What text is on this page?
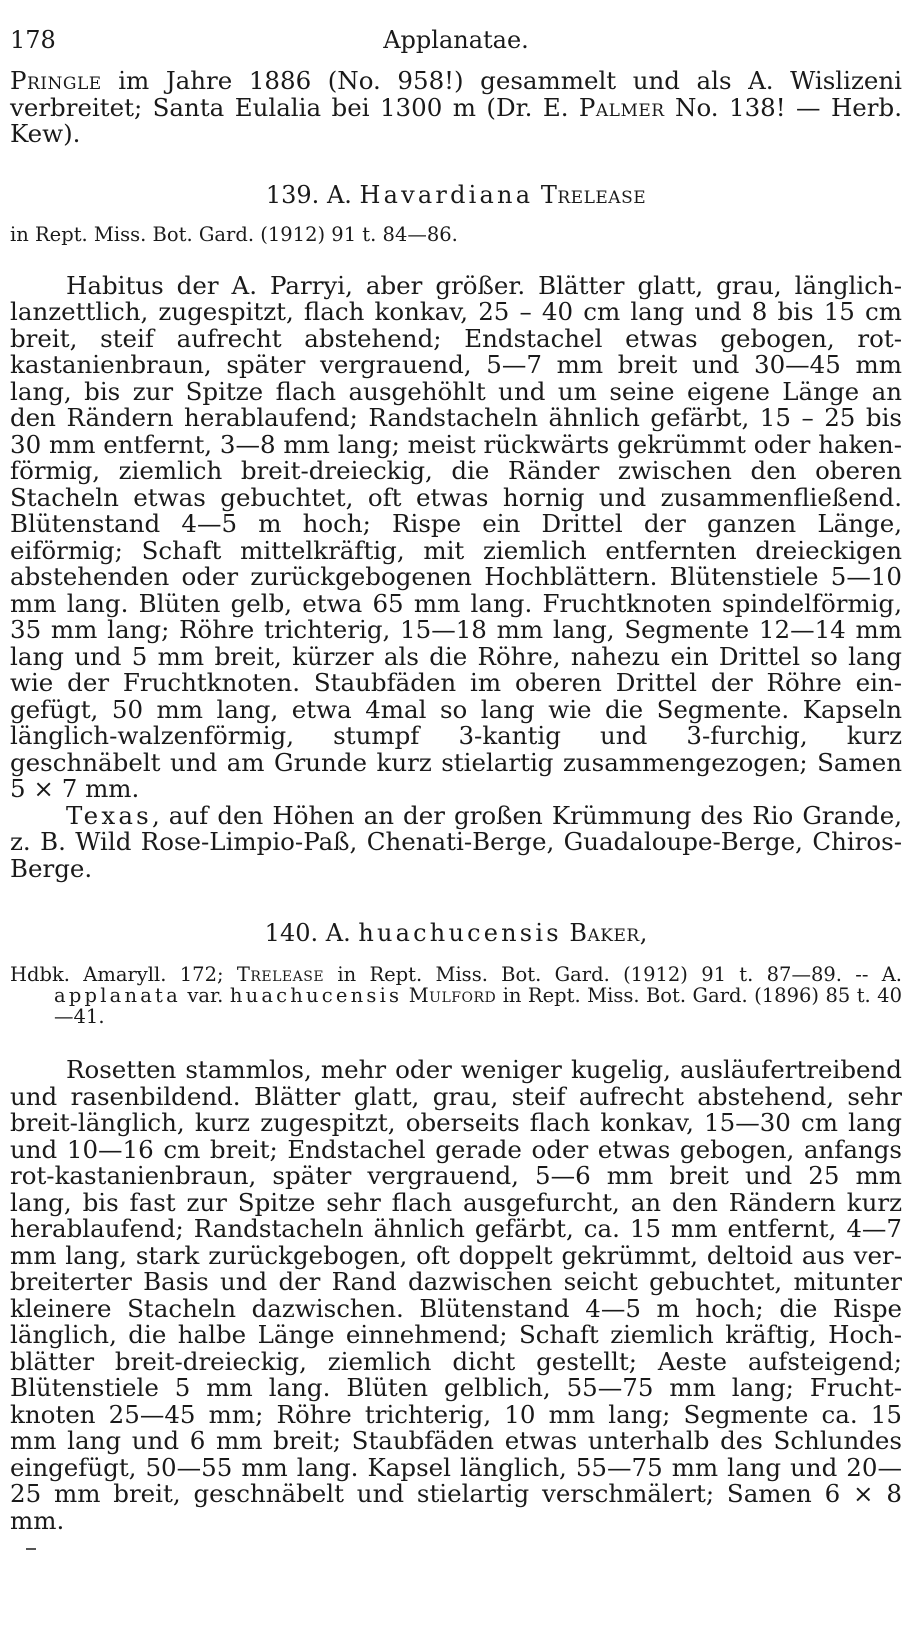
178	Applanatae.

Pringle im Jahre 1886 (No. 958!) gesammelt und als A. Wislizeni verbreitet; Santa Eulalia bei 1300 m (Dr. E. Palmer No. 138! — Herb. Kew).

139. A. Havardiana Trelease

in Rept. Miss. Bot. Gard. (1912) 91 t. 84—86.

Habitus der A. Parryi, aber größer. Blätter glatt, grau, länglich-lanzettlich, zugespitzt, flach konkav, 25 – 40 cm lang und 8 bis 15 cm breit, steif aufrecht abstehend; Endstachel etwas gebogen, rotkastanienbraun, später vergrauend, 5—7 mm breit und 30—45 mm lang, bis zur Spitze flach ausgehöhlt und um seine eigene Länge an den Rändern herablaufend; Randstacheln ähnlich gefärbt, 15 – 25 bis 30 mm entfernt, 3—8 mm lang; meist rückwärts gekrümmt oder hakenförmig, ziemlich breit-dreieckig, die Ränder zwischen den oberen Stacheln etwas gebuchtet, oft etwas hornig und zusammenfließend. Blütenstand 4—5 m hoch; Rispe ein Drittel der ganzen Länge, eiförmig; Schaft mittelkräftig, mit ziemlich entfernten dreieckigen abstehenden oder zurückgebogenen Hochblättern. Blütenstiele 5—10 mm lang. Blüten gelb, etwa 65 mm lang. Fruchtknoten spindelförmig, 35 mm lang; Röhre trichterig, 15—18 mm lang, Segmente 12—14 mm lang und 5 mm breit, kürzer als die Röhre, nahezu ein Drittel so lang wie der Fruchtknoten. Staubfäden im oberen Drittel der Röhre eingefügt, 50 mm lang, etwa 4mal so lang wie die Segmente. Kapseln länglich-walzenförmig, stumpf 3-kantig und 3-furchig, kurz geschnäbelt und am Grunde kurz stielartig zusammengezogen; Samen 5 × 7 mm.

Texas, auf den Höhen an der großen Krümmung des Rio Grande, z. B. Wild Rose-Limpio-Paß, Chenati-Berge, Guadaloupe-Berge, Chiros-Berge.

140. A. huachucensis Baker,

Hdbk. Amaryll. 172; Trelease in Rept. Miss. Bot. Gard. (1912) 91 t. 87—89. -- A. applanata var. huachucensis Mulford in Rept. Miss. Bot. Gard. (1896) 85 t. 40—41.

Rosetten stammlos, mehr oder weniger kugelig, ausläufertreibend und rasenbildend. Blätter glatt, grau, steif aufrecht abstehend, sehr breit-länglich, kurz zugespitzt, oberseits flach konkav, 15—30 cm lang und 10—16 cm breit; Endstachel gerade oder etwas gebogen, anfangs rot-kastanienbraun, später vergrauend, 5—6 mm breit und 25 mm lang, bis fast zur Spitze sehr flach ausgefurcht, an den Rändern kurz herablaufend; Randstacheln ähnlich gefärbt, ca. 15 mm entfernt, 4—7 mm lang, stark zurückgebogen, oft doppelt gekrümmt, deltoid aus verbreiterter Basis und der Rand dazwischen seicht gebuchtet, mitunter kleinere Stacheln dazwischen. Blütenstand 4—5 m hoch; die Rispe länglich, die halbe Länge einnehmend; Schaft ziemlich kräftig, Hochblätter breit-dreieckig, ziemlich dicht gestellt; Aeste aufsteigend; Blütenstiele 5 mm lang. Blüten gelblich, 55—75 mm lang; Fruchtknoten 25—45 mm; Röhre trichterig, 10 mm lang; Segmente ca. 15 mm lang und 6 mm breit; Staubfäden etwas unterhalb des Schlundes eingefügt, 50—55 mm lang. Kapsel länglich, 55—75 mm lang und 20—25 mm breit, geschnäbelt und stielartig verschmälert; Samen 6 × 8 mm.
